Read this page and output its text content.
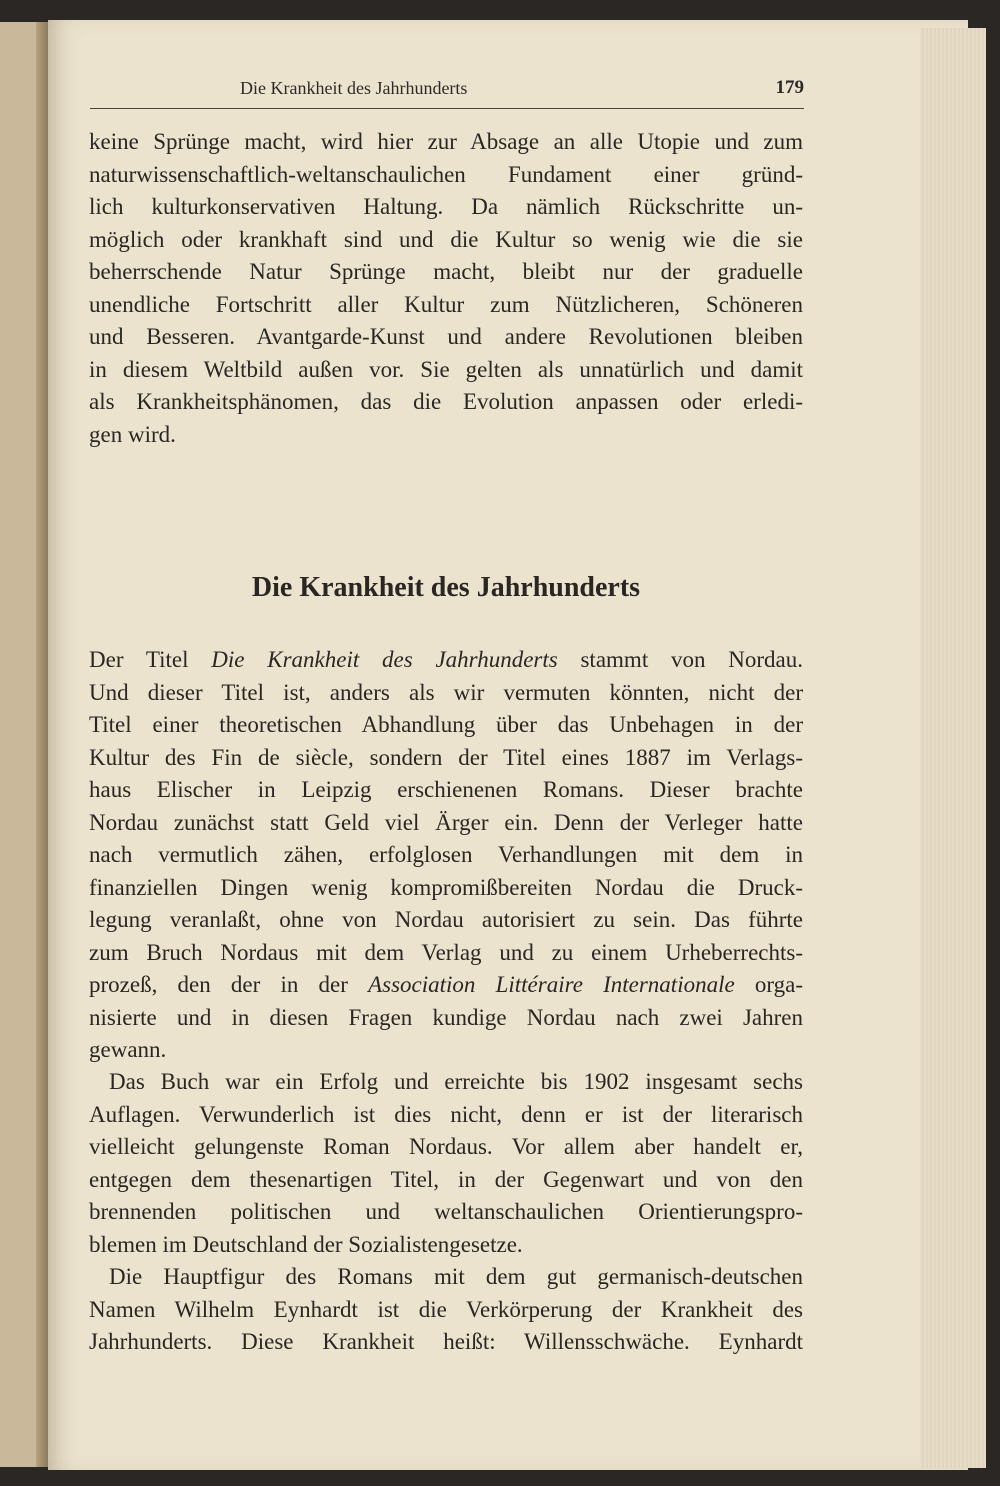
Die Krankheit des Jahrhunderts	179
keine Sprünge macht, wird hier zur Absage an alle Utopie und zum
naturwissenschaftlich-weltanschaulichen Fundament einer gründ-
lich kulturkonservativen Haltung. Da nämlich Rückschritte un-
möglich oder krankhaft sind und die Kultur so wenig wie die sie
beherrschende Natur Sprünge macht, bleibt nur der graduelle
unendliche Fortschritt aller Kultur zum Nützlicheren, Schöneren
und Besseren. Avantgarde-Kunst und andere Revolutionen bleiben
in diesem Weltbild außen vor. Sie gelten als unnatürlich und damit
als Krankheitsphänomen, das die Evolution anpassen oder erledi-
gen wird.
Die Krankheit des Jahrhunderts
Der Titel Die Krankheit des Jahrhunderts stammt von Nordau.
Und dieser Titel ist, anders als wir vermuten könnten, nicht der
Titel einer theoretischen Abhandlung über das Unbehagen in der
Kultur des Fin de siècle, sondern der Titel eines 1887 im Verlags-
haus Elischer in Leipzig erschienenen Romans. Dieser brachte
Nordau zunächst statt Geld viel Ärger ein. Denn der Verleger hatte
nach vermutlich zähen, erfolglosen Verhandlungen mit dem in
finanziellen Dingen wenig kompromißbereiten Nordau die Druck-
legung veranlaßt, ohne von Nordau autorisiert zu sein. Das führte
zum Bruch Nordaus mit dem Verlag und zu einem Urheberrechts-
prozeß, den der in der Association Littéraire Internationale orga-
nisierte und in diesen Fragen kundige Nordau nach zwei Jahren
gewann.
Das Buch war ein Erfolg und erreichte bis 1902 insgesamt sechs
Auflagen. Verwunderlich ist dies nicht, denn er ist der literarisch
vielleicht gelungenste Roman Nordaus. Vor allem aber handelt er,
entgegen dem thesenartigen Titel, in der Gegenwart und von den
brennenden politischen und weltanschaulichen Orientierungspro-
blemen im Deutschland der Sozialistengesetze.
Die Hauptfigur des Romans mit dem gut germanisch-deutschen
Namen Wilhelm Eynhardt ist die Verkörperung der Krankheit des
Jahrhunderts. Diese Krankheit heißt: Willensschwäche. Eynhardt
